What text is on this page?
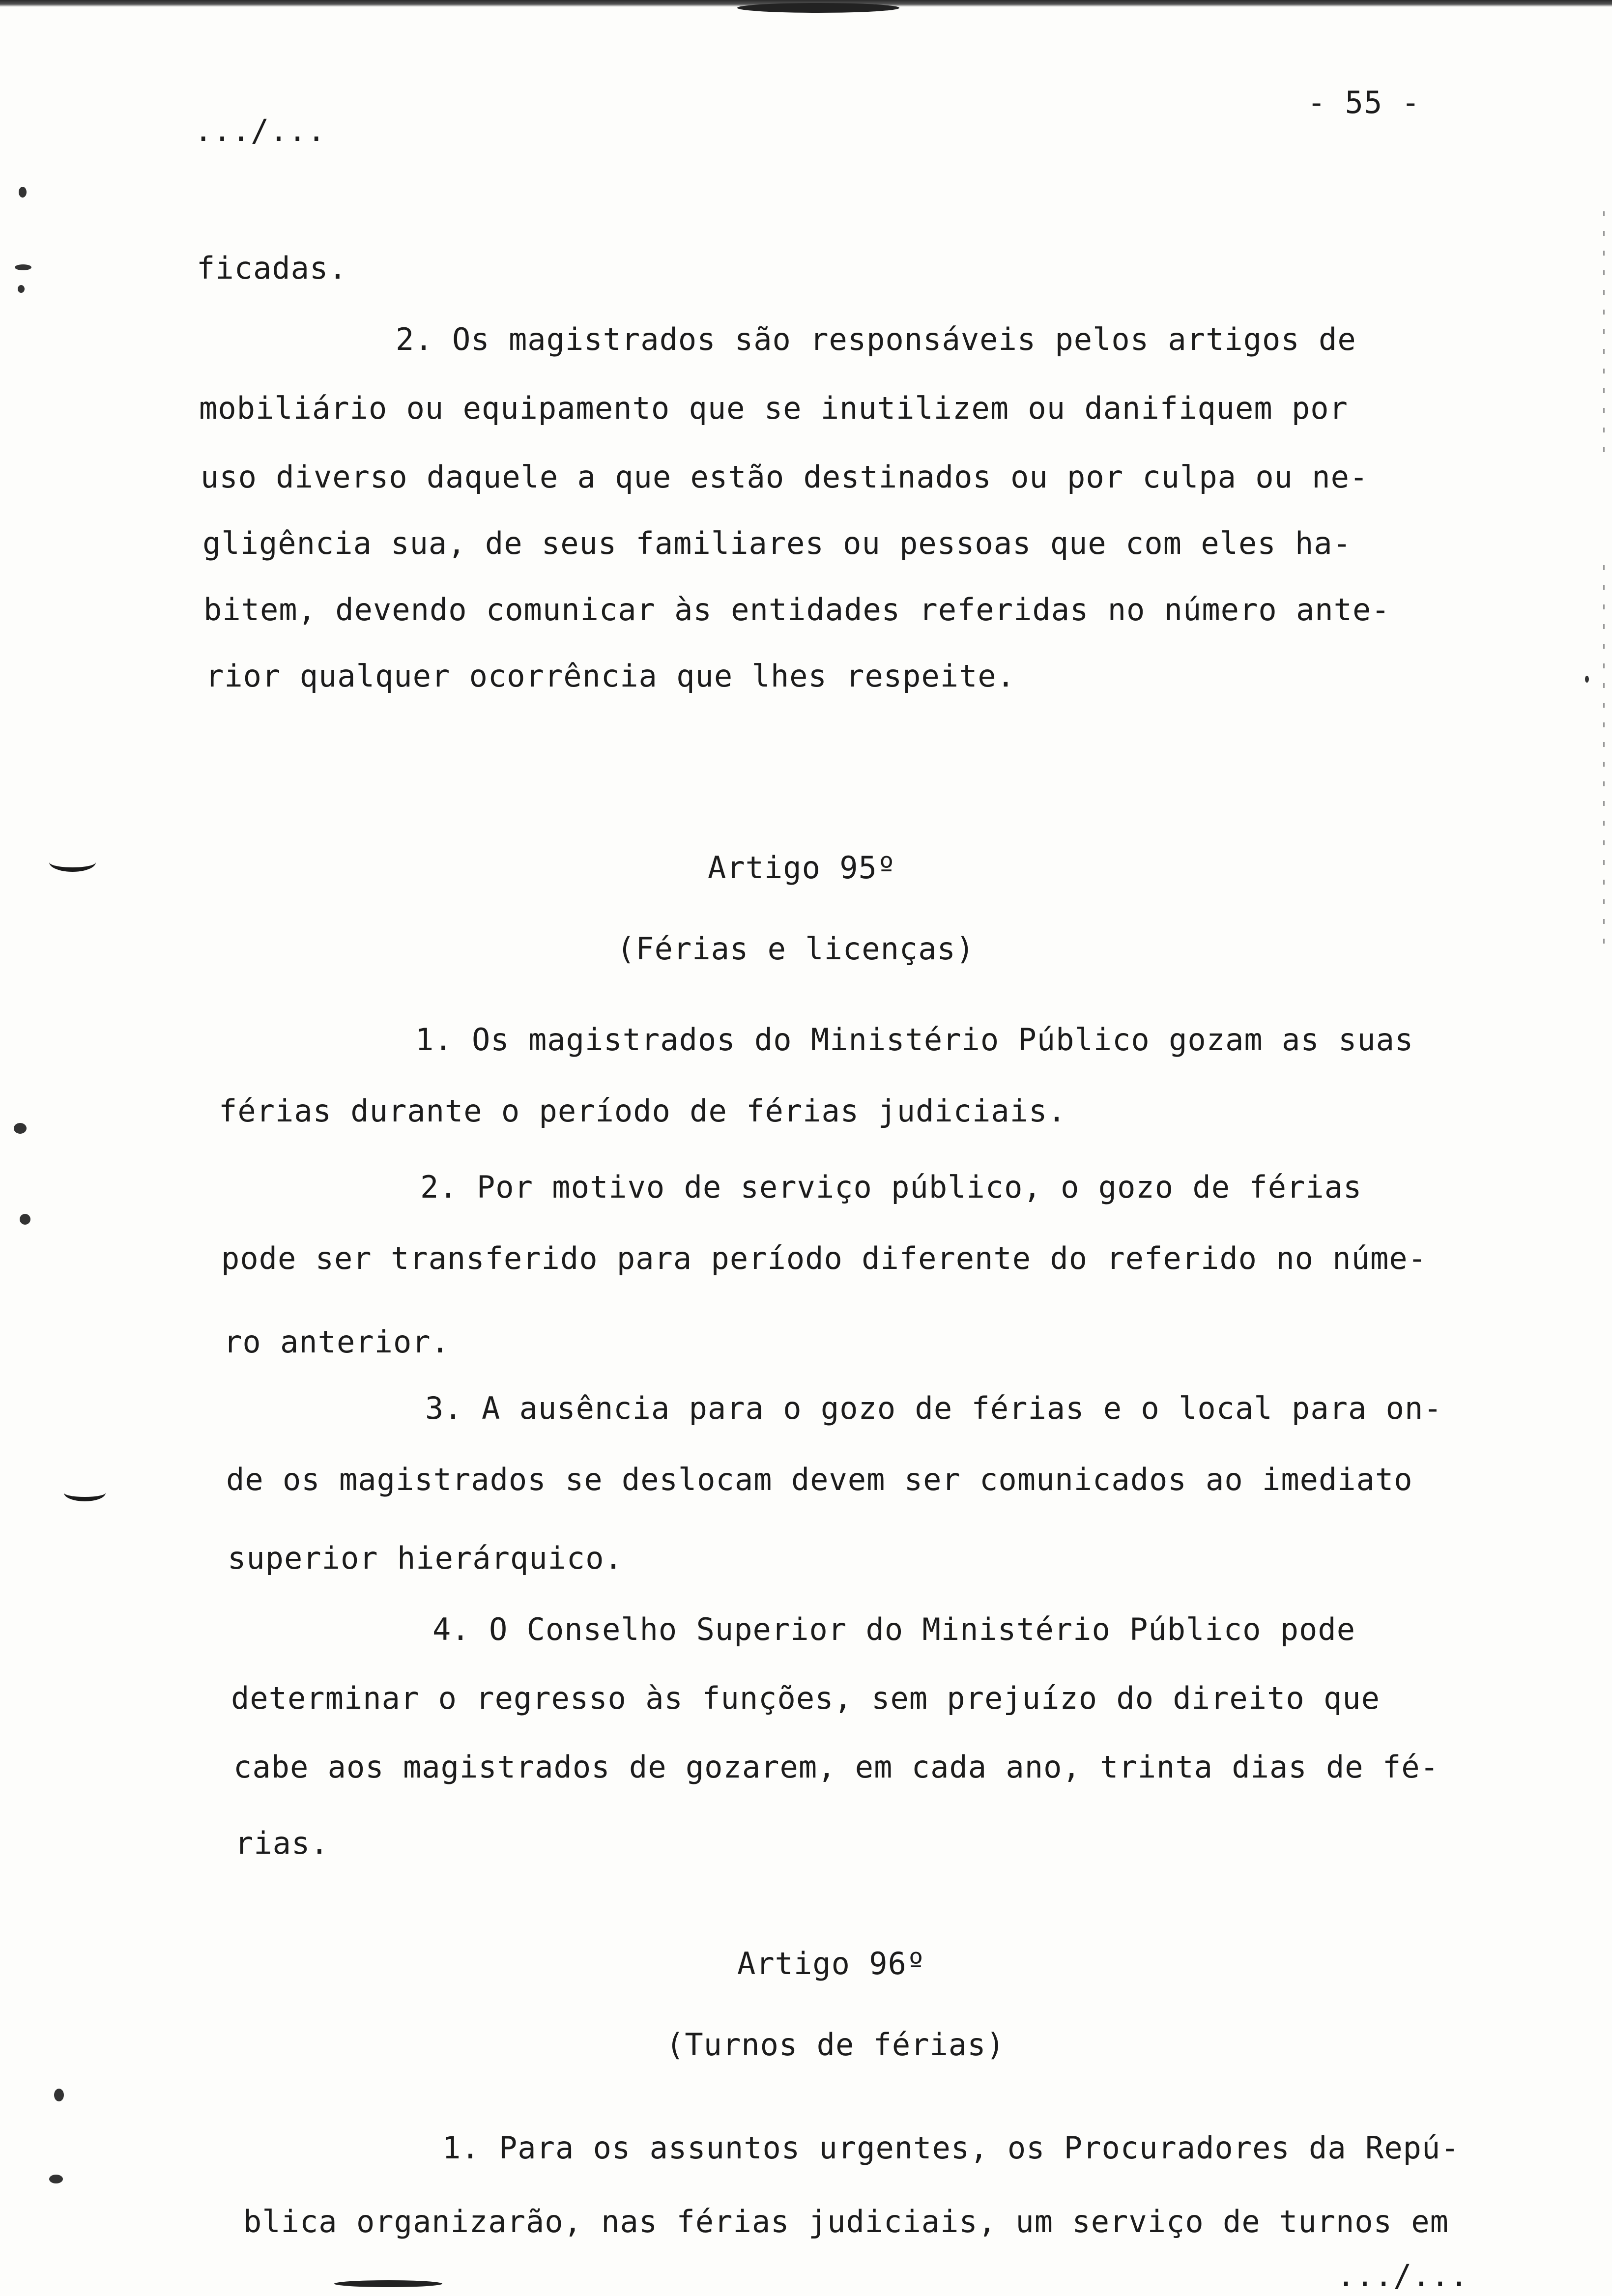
- 55 -
.../...
ficadas.
2. Os magistrados são responsáveis pelos artigos de
mobiliário ou equipamento que se inutilizem ou danifiquem por
uso diverso daquele a que estão destinados ou por culpa ou ne-
gligência sua, de seus familiares ou pessoas que com eles ha-
bitem, devendo comunicar às entidades referidas no número ante-
rior qualquer ocorrência que lhes respeite.
Artigo 95º
(Férias e licenças)
1. Os magistrados do Ministério Público gozam as suas
férias durante o período de férias judiciais.
2. Por motivo de serviço público, o gozo de férias
pode ser transferido para período diferente do referido no núme-
ro anterior.
3. A ausência para o gozo de férias e o local para on-
de os magistrados se deslocam devem ser comunicados ao imediato
superior hierárquico.
4. O Conselho Superior do Ministério Público pode
determinar o regresso às funções, sem prejuízo do direito que
cabe aos magistrados de gozarem, em cada ano, trinta dias de fé-
rias.
Artigo 96º
(Turnos de férias)
1. Para os assuntos urgentes, os Procuradores da Repú-
blica organizarão, nas férias judiciais, um serviço de turnos em
.../...
